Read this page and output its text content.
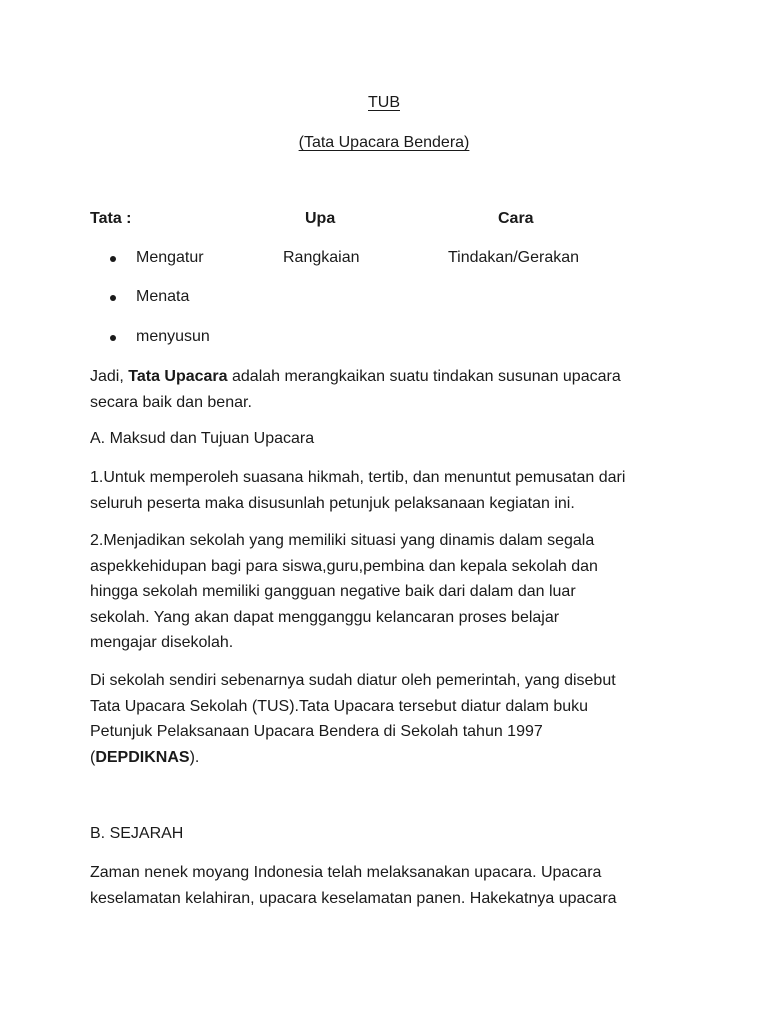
TUB
(Tata Upacara Bendera)
Tata :	Upa	Cara
Mengatur	Rangkaian	Tindakan/Gerakan
Menata
menyusun

Jadi, Tata Upacara adalah merangkaikan suatu tindakan susunan upacara

secara baik dan benar.

A. Maksud dan Tujuan Upacara

1.Untuk memperoleh suasana hikmah, tertib, dan menuntut pemusatan dari

seluruh peserta maka disusunlah petunjuk pelaksanaan kegiatan ini.

2.Menjadikan sekolah yang memiliki situasi yang dinamis dalam segala

aspekkehidupan bagi para siswa,guru,pembina dan kepala sekolah dan

hingga sekolah memiliki gangguan negative baik dari dalam dan luar

sekolah. Yang akan dapat mengganggu kelancaran proses belajar

mengajar disekolah.

Di sekolah sendiri sebenarnya sudah diatur oleh pemerintah, yang disebut

Tata Upacara Sekolah (TUS).Tata Upacara tersebut diatur dalam buku

Petunjuk Pelaksanaan Upacara Bendera di Sekolah tahun 1997

(DEPDIKNAS).

B. SEJARAH

Zaman nenek moyang Indonesia telah melaksanakan upacara. Upacara

keselamatan kelahiran, upacara keselamatan panen. Hakekatnya upacara
